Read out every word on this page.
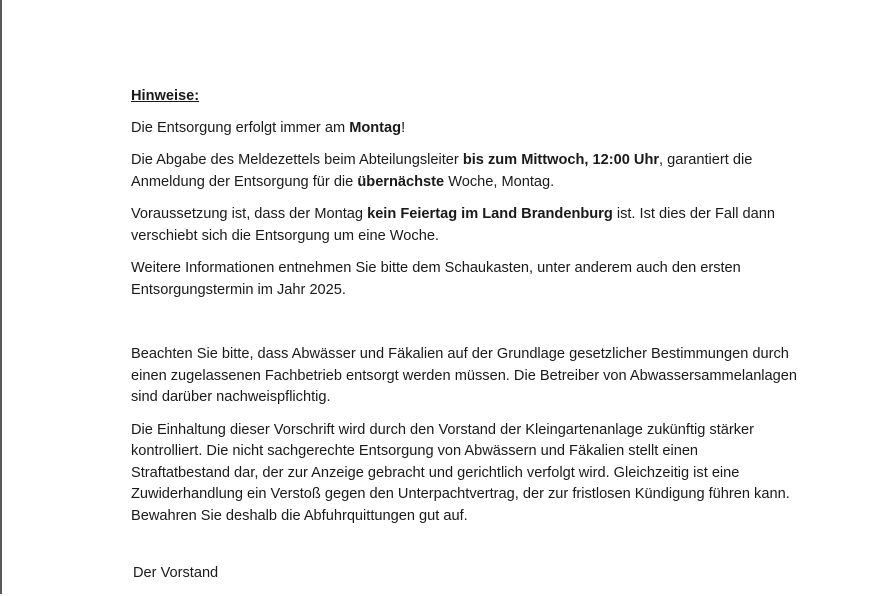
Hinweise:

Die Entsorgung erfolgt immer am Montag!

Die Abgabe des Meldezettels beim Abteilungsleiter bis zum Mittwoch, 12:00 Uhr, garantiert die Anmeldung der Entsorgung für die übernächste Woche, Montag.

Voraussetzung ist, dass der Montag kein Feiertag im Land Brandenburg ist. Ist dies der Fall dann verschiebt sich die Entsorgung um eine Woche.

Weitere Informationen entnehmen Sie bitte dem Schaukasten, unter anderem auch den ersten Entsorgungstermin im Jahr 2025.

Beachten Sie bitte, dass Abwässer und Fäkalien auf der Grundlage gesetzlicher Bestimmungen durch einen zugelassenen Fachbetrieb entsorgt werden müssen. Die Betreiber von Abwassersammelanlagen sind darüber nachweispflichtig.

Die Einhaltung dieser Vorschrift wird durch den Vorstand der Kleingartenanlage zukünftig stärker kontrolliert. Die nicht sachgerechte Entsorgung von Abwässern und Fäkalien stellt einen Straftatbestand dar, der zur Anzeige gebracht und gerichtlich verfolgt wird. Gleichzeitig ist eine Zuwiderhandlung ein Verstoß gegen den Unterpachtvertrag, der zur fristlosen Kündigung führen kann. Bewahren Sie deshalb die Abfuhrquittungen gut auf.

Der Vorstand
